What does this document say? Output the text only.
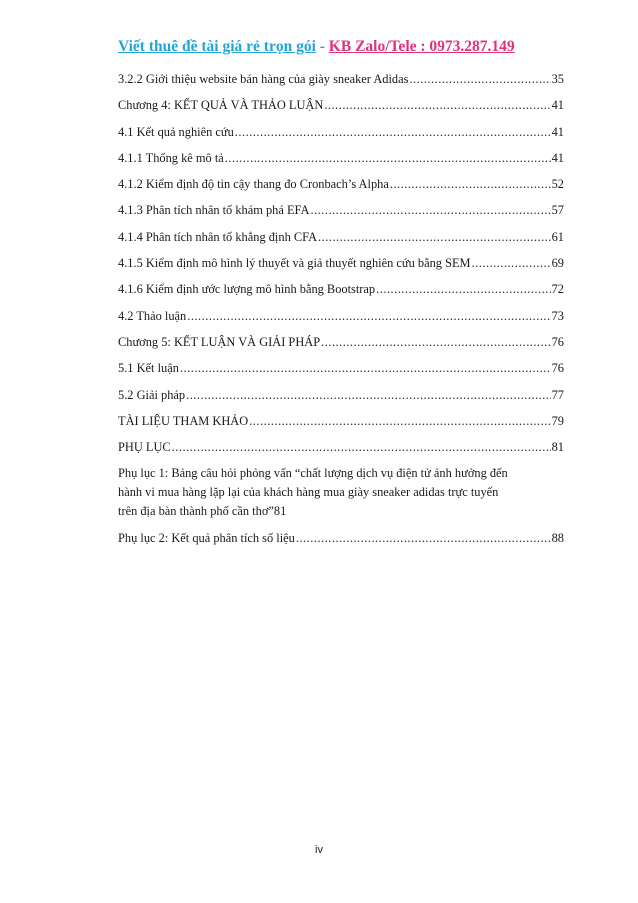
Viết thuê đề tài giá rẻ trọn gói - KB Zalo/Tele : 0973.287.149
3.2.2 Giới thiệu website bán hàng của giày sneaker Adidas .....	35
Chương 4: KẾT QUẢ VÀ THẢO LUẬN .....	41
4.1 Kết quả nghiên cứu .....	41
4.1.1 Thống kê mô tả .....	41
4.1.2 Kiểm định độ tin cậy thang đo Cronbach’s Alpha .....	52
4.1.3 Phân tích nhân tố khám phá EFA .....	57
4.1.4 Phân tích nhân tố khẳng định CFA .....	61
4.1.5 Kiểm định mô hình lý thuyết và giả thuyết nghiên cứu bằng SEM .....	69
4.1.6 Kiểm định ước lượng mô hình bằng Bootstrap .....	72
4.2 Thảo luận .....	73
Chương 5: KẾT LUẬN VÀ GIẢI PHÁP .....	76
5.1 Kết luận .....	76
5.2 Giải pháp .....	77
TÀI LIỆU THAM KHẢO .....	79
PHỤ LỤC .....	81
Phụ lục 1: Bảng câu hỏi phỏng vấn “chất lượng dịch vụ điện tử ảnh hưởng đến
hành vi mua hàng lặp lại của khách hàng mua giày sneaker adidas trực tuyến
trên địa bàn thành phố cần thơ” 81
Phụ lục 2: Kết quả phân tích số liệu .....	88
iv
